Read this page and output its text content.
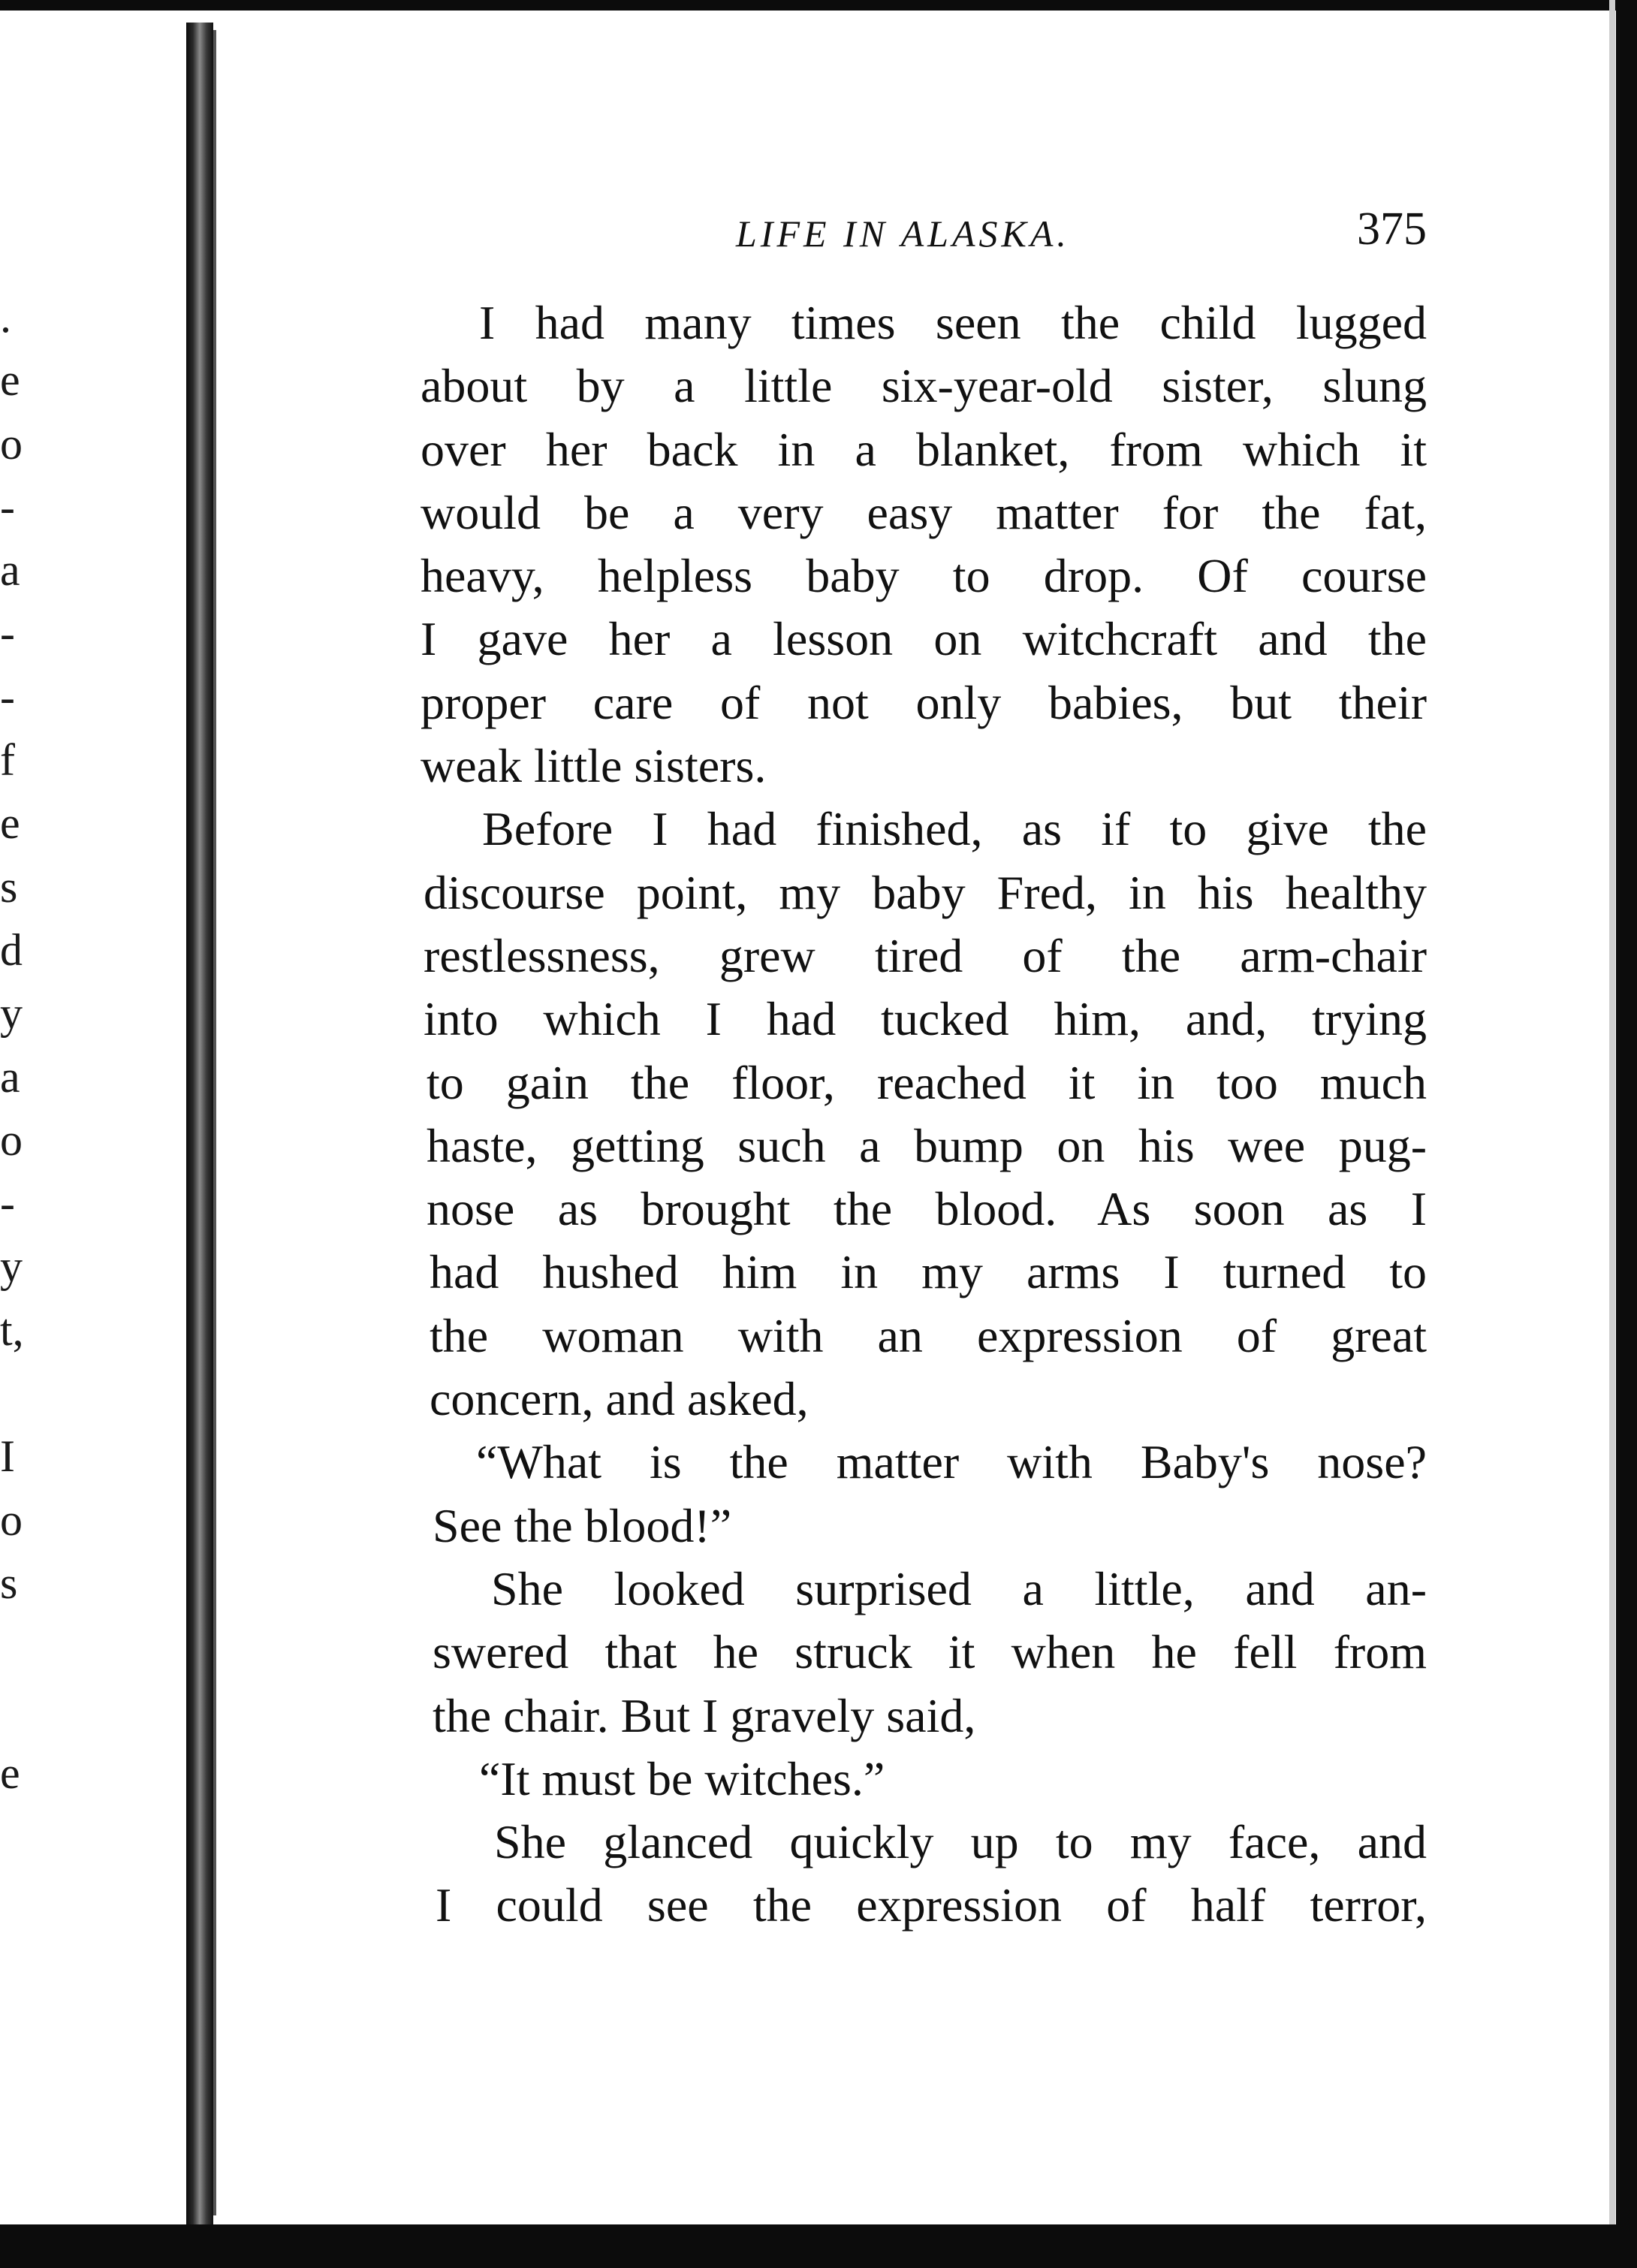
.
e
o
-
a
-
-
f
e
s
d
y
a
o
-
y
t,
I
o
s
e
LIFE IN ALASKA.	375
I had many times seen the child lugged
about by a little six-year-old sister, slung
over her back in a blanket, from which it
would be a very easy matter for the fat,
heavy, helpless baby to drop. Of course
I gave her a lesson on witchcraft and the
proper care of not only babies, but their
weak little sisters.
Before I had finished, as if to give the
discourse point, my baby Fred, in his healthy
restlessness, grew tired of the arm-chair
into which I had tucked him, and, trying
to gain the floor, reached it in too much
haste, getting such a bump on his wee pug-
nose as brought the blood. As soon as I
had hushed him in my arms I turned to
the woman with an expression of great
concern, and asked,
“What is the matter with Baby's nose?
See the blood!”
She looked surprised a little, and an-
swered that he struck it when he fell from
the chair. But I gravely said,
“It must be witches.”
She glanced quickly up to my face, and
I could see the expression of half terror,
